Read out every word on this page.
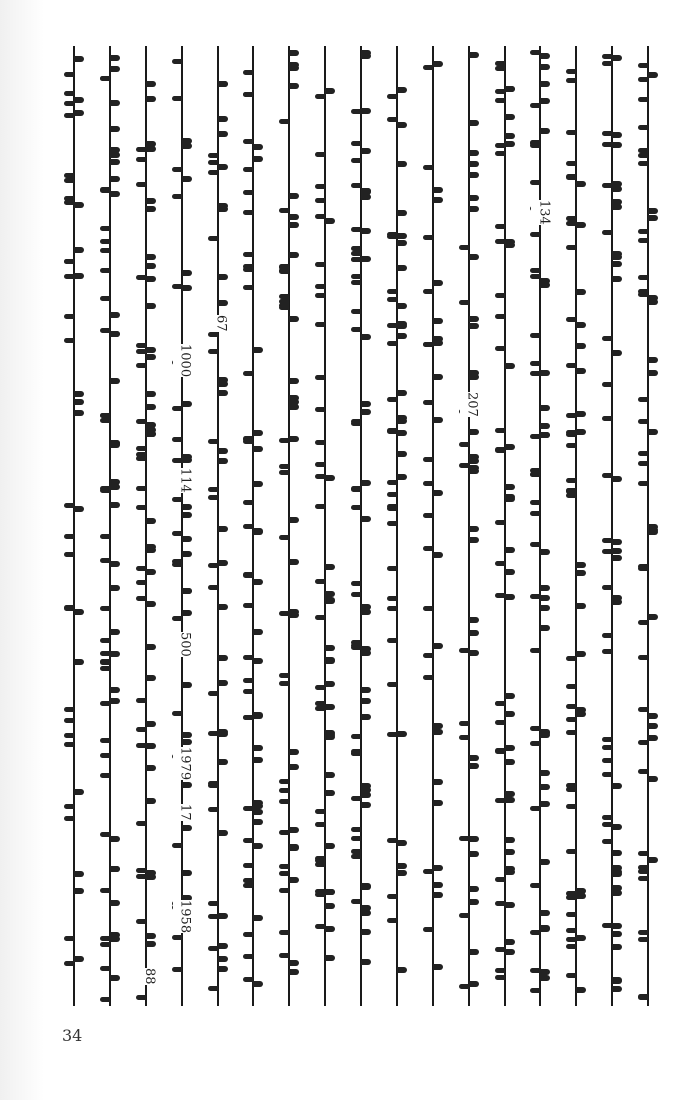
134
207
67
1000
114
500
1979
17
1958
88
34
